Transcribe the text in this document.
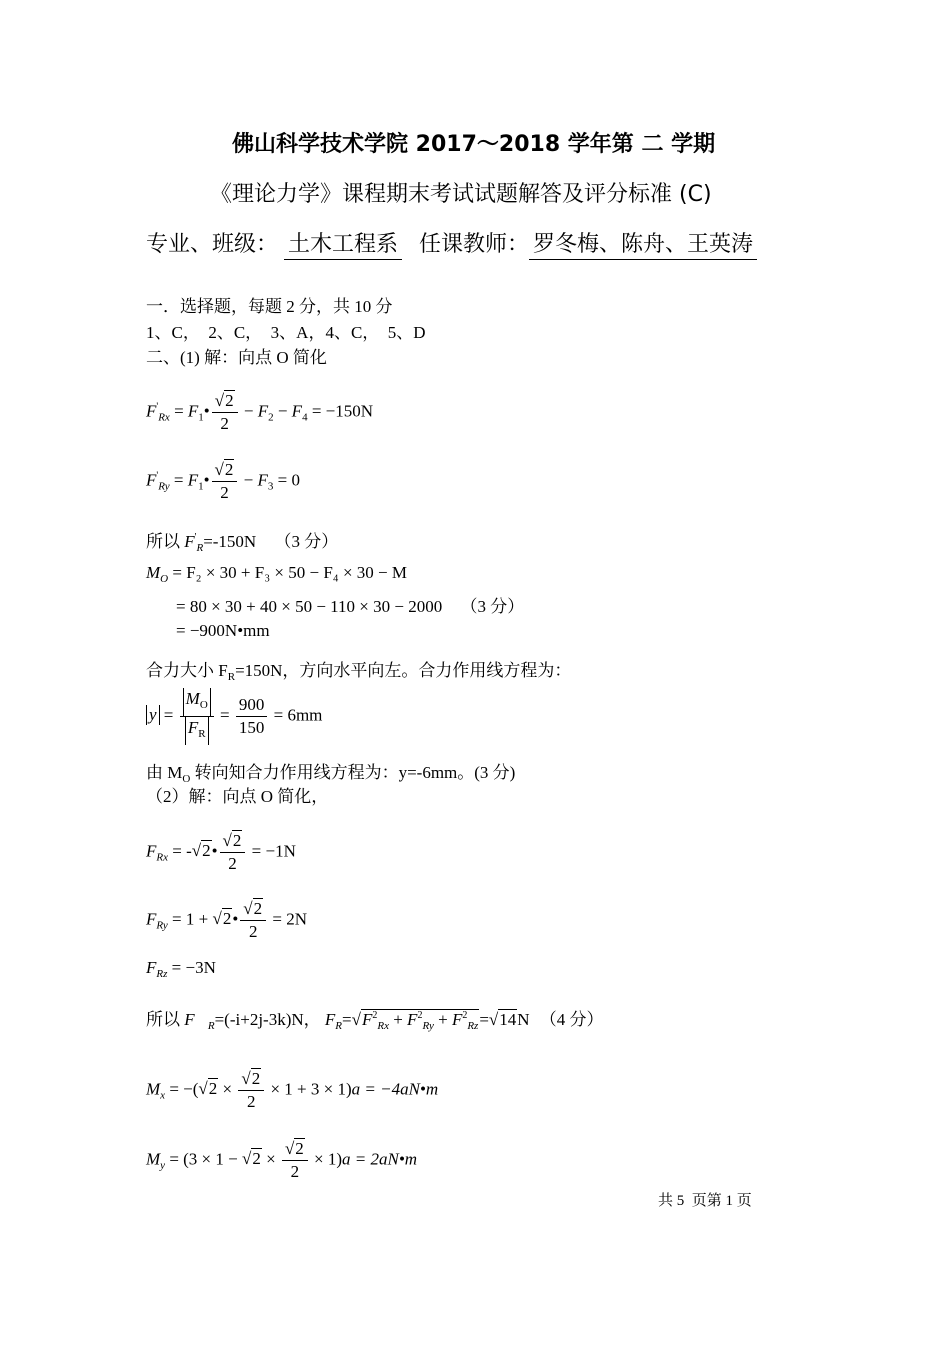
佛山科学技术学院 2017～2018 学年第 二 学期
《理论力学》课程期末考试试题解答及评分标准 (C)
专业、班级： 土木工程系 任课教师： 罗冬梅、陈舟、王英涛
一．选择题，每题 2 分，共 10 分
1、C，  2、C，  3、A，4、C，  5、D
二、(1) 解：向点 O 简化
$F'_{Rx}$ = $F_1• \frac{√2}{2} - F_2 - F_4 = -150N$
$F'_{Ry}$ = $F_1• \frac{√2}{2} - F_3 = 0$
所以 $F'_R=-150N$ （3 分）
$M_O = F_2 \times 30 + F_3 \times 50 - F_4 \times 30 - M$
= 80 × 30 + 40 × 50 − 110 × 30 − 2000 （3 分）
= −900N•mm
合力大小 $F_R=150N$，方向水平向左。合力作用线方程为：
$y = \frac{M_O}{F_R} = \frac{900}{150} = 6mm$
由 $M_O$ 转向知合力作用线方程为：y=-6mm。(3 分)
（2）解：向点 O 简化，
$F_{Rx}$ = -√2• $\frac{√2}{2} = -1N$
$F_{Ry} = 1$ + √2• $\frac{√2}{2} = 2N$
$F_{Rz} = -3N$
所以 $F⃗_R=(-i+2j-3k)N$， $F_R=√F^2_{Rx} + F^2_{Ry} + F^2_{Rz}=√14N$ （4 分）
$M_x = -(√2 \times \frac{√2}{2} \times 1 + 3 \times 1)a$ = −4aN•m
$M_y = (3 \times 1 - √2 \times \frac{√2}{2} \times 1)a$ = 2aN•m
共 5  页第 1 页
